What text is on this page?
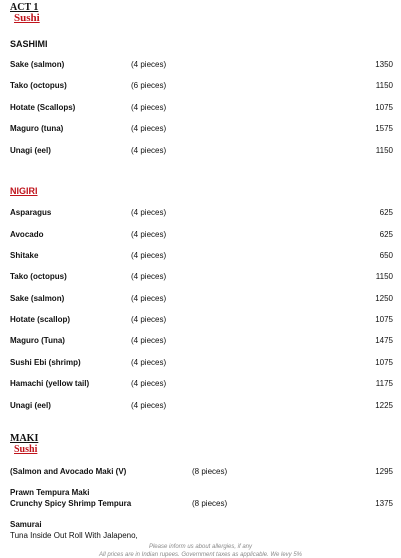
ACT 1
Sushi
SASHIMI
Sake (salmon)	(4 pieces)	1350
Tako (octopus)	(6 pieces)	1150
Hotate (Scallops)	(4 pieces)	1075
Maguro (tuna)	(4 pieces)	1575
Unagi (eel)	(4 pieces)	1150
NIGIRI
Asparagus	(4 pieces)	625
Avocado	(4 pieces)	625
Shitake	(4 pieces)	650
Tako (octopus)	(4 pieces)	1150
Sake (salmon)	(4 pieces)	1250
Hotate (scallop)	(4 pieces)	1075
Maguro (Tuna)	(4 pieces)	1475
Sushi Ebi (shrimp)	(4 pieces)	1075
Hamachi (yellow tail)	(4 pieces)	1175
Unagi (eel)	(4 pieces)	1225
MAKI
Sushi
(Salmon and Avocado Maki (V)	(8 pieces)	1295
Prawn Tempura Maki
Crunchy Spicy Shrimp Tempura	(8 pieces)	1375
Samurai
Tuna Inside Out Roll With Jalapeno,
Please inform us about allergies, if any
All prices are in Indian rupees. Government taxes as applicable. We levy 5%
